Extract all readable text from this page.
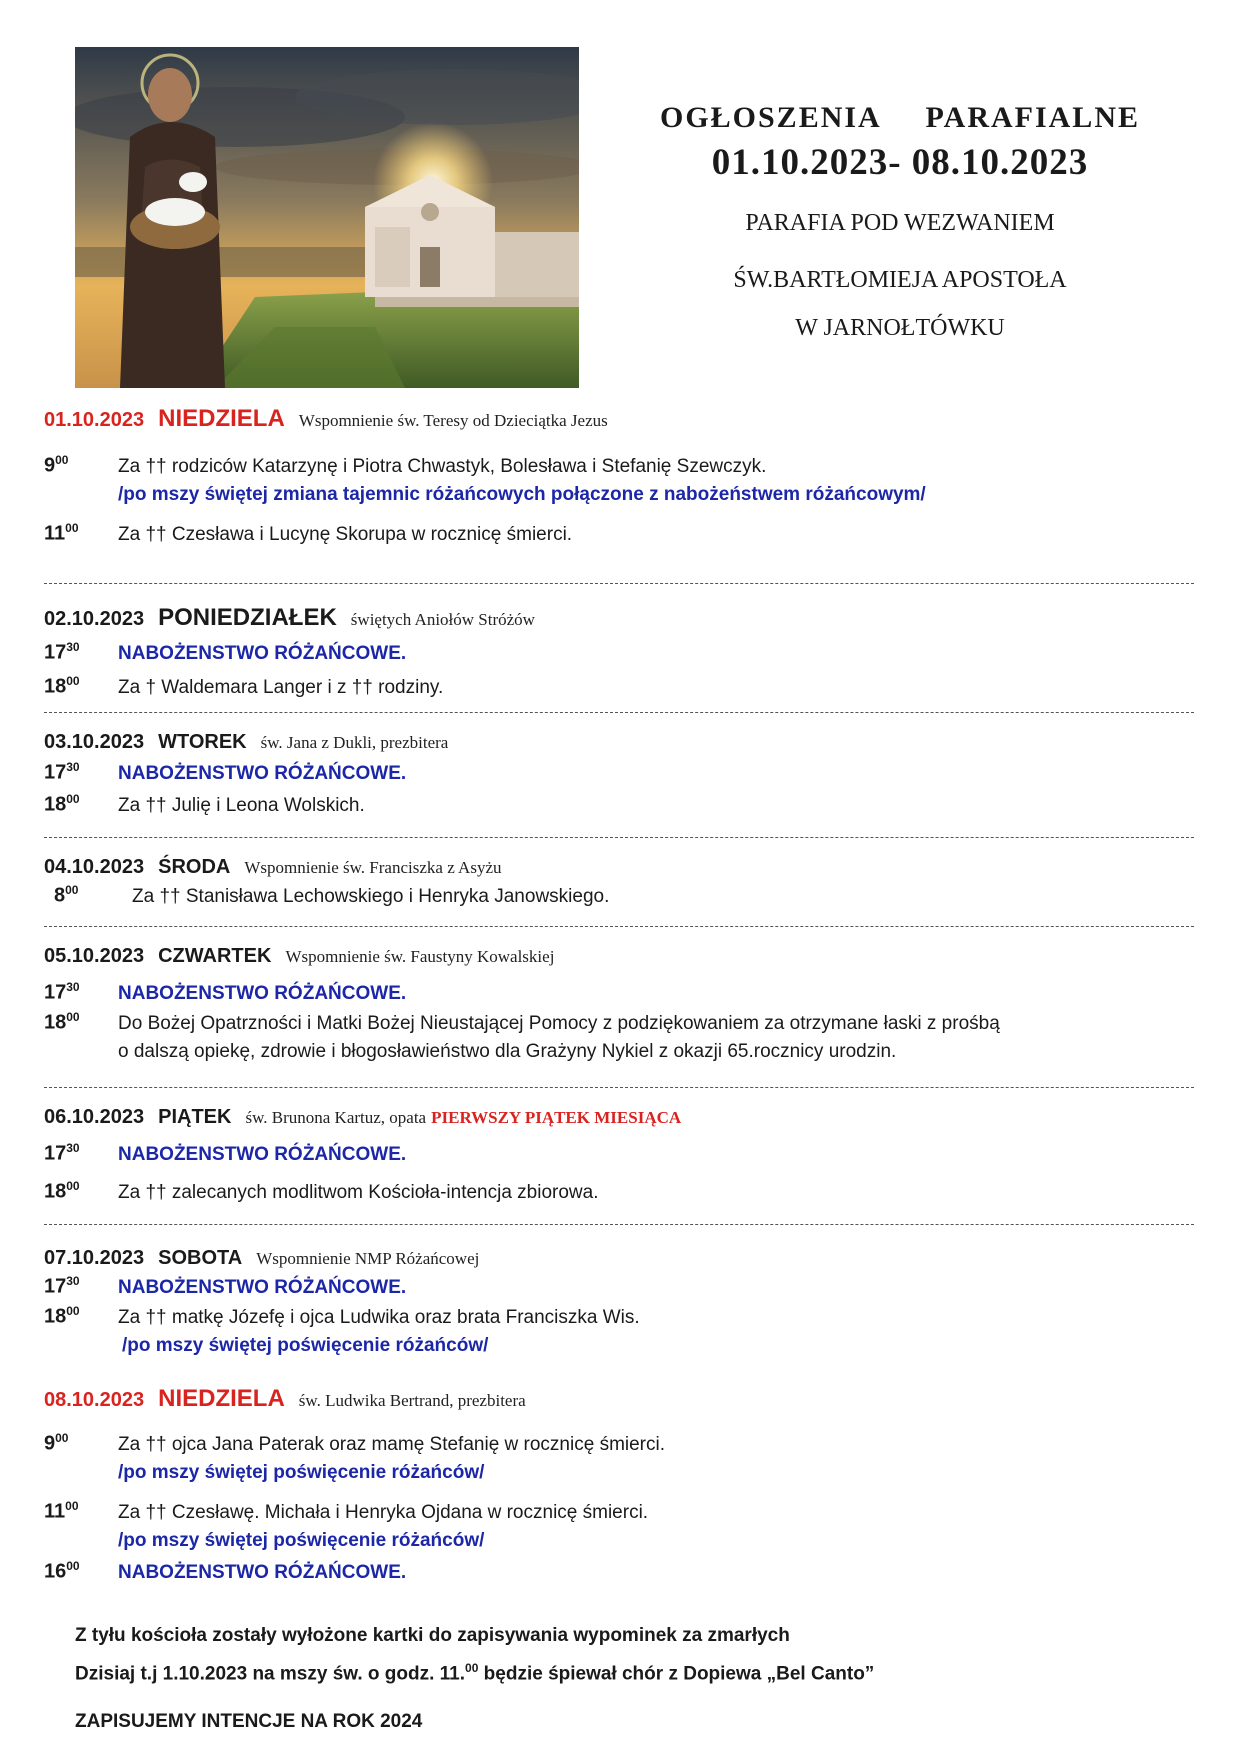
OGŁOSZENIA PARAFIALNE
01.10.2023- 08.10.2023
PARAFIA POD WEZWANIEM
ŚW.BARTŁOMIEJA APOSTOŁA
W JARNOŁTÓWKU
01.10.2023 NIEDZIELA Wspomnienie św. Teresy od Dzieciątka Jezus
$9^{00}$	Za †† rodziców Katarzynę i Piotra Chwastyk, Bolesława i Stefanię Szewczyk.
/po mszy świętej zmiana tajemnic różańcowych połączone z nabożeństwem różańcowym/
$11^{00}$	Za †† Czesława i Lucynę Skorupa w rocznicę śmierci.
02.10.2023 PONIEDZIAŁEK świętych Aniołów Stróżów
$17^{30}$	NABOŻENSTWO RÓŻAŃCOWE.
$18^{00}$	Za † Waldemara Langer i z †† rodziny.
03.10.2023 WTOREK św. Jana z Dukli, prezbitera
$17^{30}$	NABOŻENSTWO RÓŻAŃCOWE.
$18^{00}$	Za †† Julię i Leona Wolskich.
04.10.2023 ŚRODA Wspomnienie św. Franciszka z Asyżu
$8^{00}$	Za †† Stanisława Lechowskiego i Henryka Janowskiego.
05.10.2023 CZWARTEK Wspomnienie św. Faustyny Kowalskiej
$17^{30}$	NABOŻENSTWO RÓŻAŃCOWE.
$18^{00}$	Do Bożej Opatrzności i Matki Bożej Nieustającej Pomocy z podziękowaniem za otrzymane łaski z prośbą
o dalszą opiekę, zdrowie i błogosławieństwo dla Grażyny Nykiel z okazji 65.rocznicy urodzin.
06.10.2023 PIĄTEK św. Brunona Kartuz, opata PIERWSZY PIĄTEK MIESIĄCA
$17^{30}$	NABOŻENSTWO RÓŻAŃCOWE.
$18^{00}$	Za †† zalecanych modlitwom Kościoła-intencja zbiorowa.
07.10.2023 SOBOTA Wspomnienie NMP Różańcowej
$17^{30}$	NABOŻENSTWO RÓŻAŃCOWE.
$18^{00}$	Za †† matkę Józefę i ojca Ludwika oraz brata Franciszka Wis.
/po mszy świętej poświęcenie różańców/
08.10.2023 NIEDZIELA św. Ludwika Bertrand, prezbitera
$9^{00}$	Za †† ojca Jana Paterak oraz mamę Stefanię w rocznicę śmierci.
/po mszy świętej poświęcenie różańców/
$11^{00}$	Za †† Czesławę. Michała i Henryka Ojdana w rocznicę śmierci.
/po mszy świętej poświęcenie różańców/
$16^{00}$	NABOŻENSTWO RÓŻAŃCOWE.
Z tyłu kościoła zostały wyłożone kartki do zapisywania wypominek za zmarłych
Dzisiaj t.j 1.10.2023 na mszy św. o godz. 11.00 będzie śpiewał chór z Dopiewa „Bel Canto”
ZAPISUJEMY INTENCJE NA ROK 2024
